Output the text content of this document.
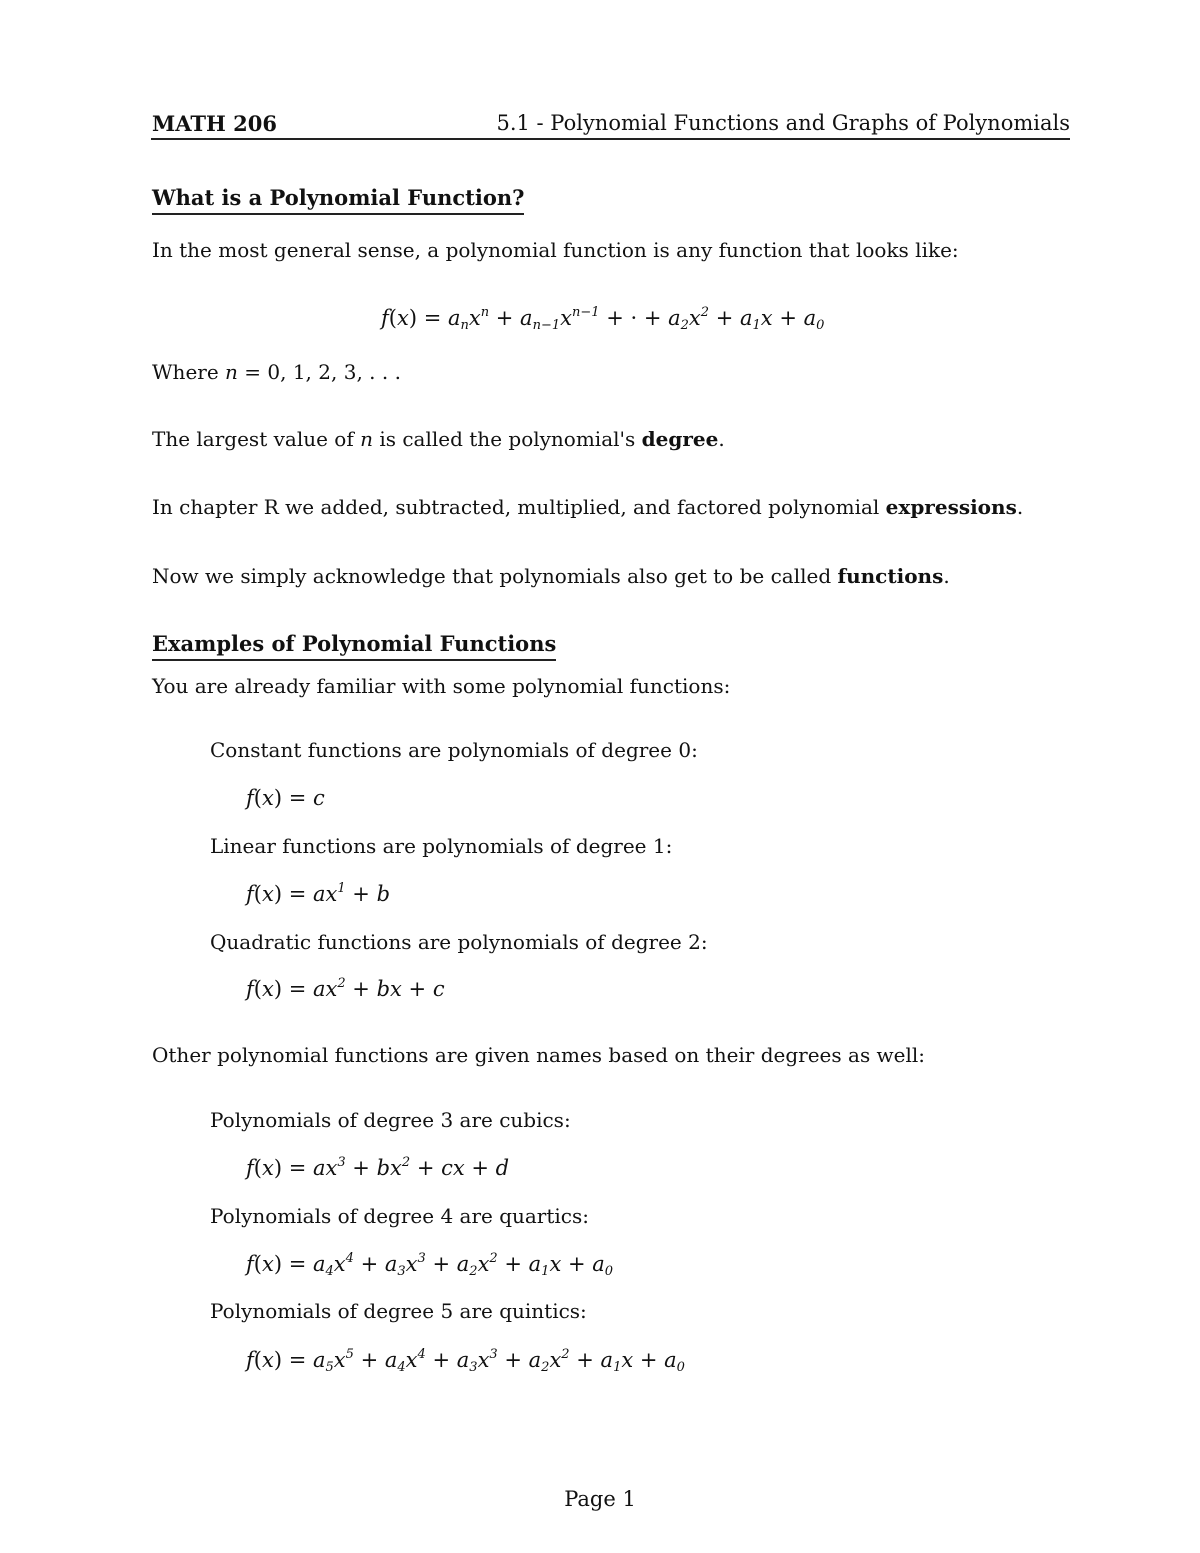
MATH 206	5.1 - Polynomial Functions and Graphs of Polynomials
What is a Polynomial Function?
In the most general sense, a polynomial function is any function that looks like:
$f(x) = a_nx^n + a_{n-1}x^{n-1}$ + · + $a_2x^2 + a_1x + a_0$
Where n = 0, 1, 2, 3, . . .
The largest value of n is called the polynomial's degree.
In chapter R we added, subtracted, multiplied, and factored polynomial expressions.
Now we simply acknowledge that polynomials also get to be called functions.
Examples of Polynomial Functions
You are already familiar with some polynomial functions:
Constant functions are polynomials of degree 0:
f(x) = c
Linear functions are polynomials of degree 1:
$f(x) = ax^1 + b$
Quadratic functions are polynomials of degree 2:
$f(x) = ax^2$ + bx + c
Other polynomial functions are given names based on their degrees as well:
Polynomials of degree 3 are cubics:
$f(x) = ax^3 + bx^2$ + cx + d
Polynomials of degree 4 are quartics:
$f(x) = a_4x^4 + a_3x^3 + a_2x^2 + a_1x + a_0$
Polynomials of degree 5 are quintics:
$f(x) = a_5x^5 + a_4x^4 + a_3x^3 + a_2x^2 + a_1x + a_0$
Page 1
